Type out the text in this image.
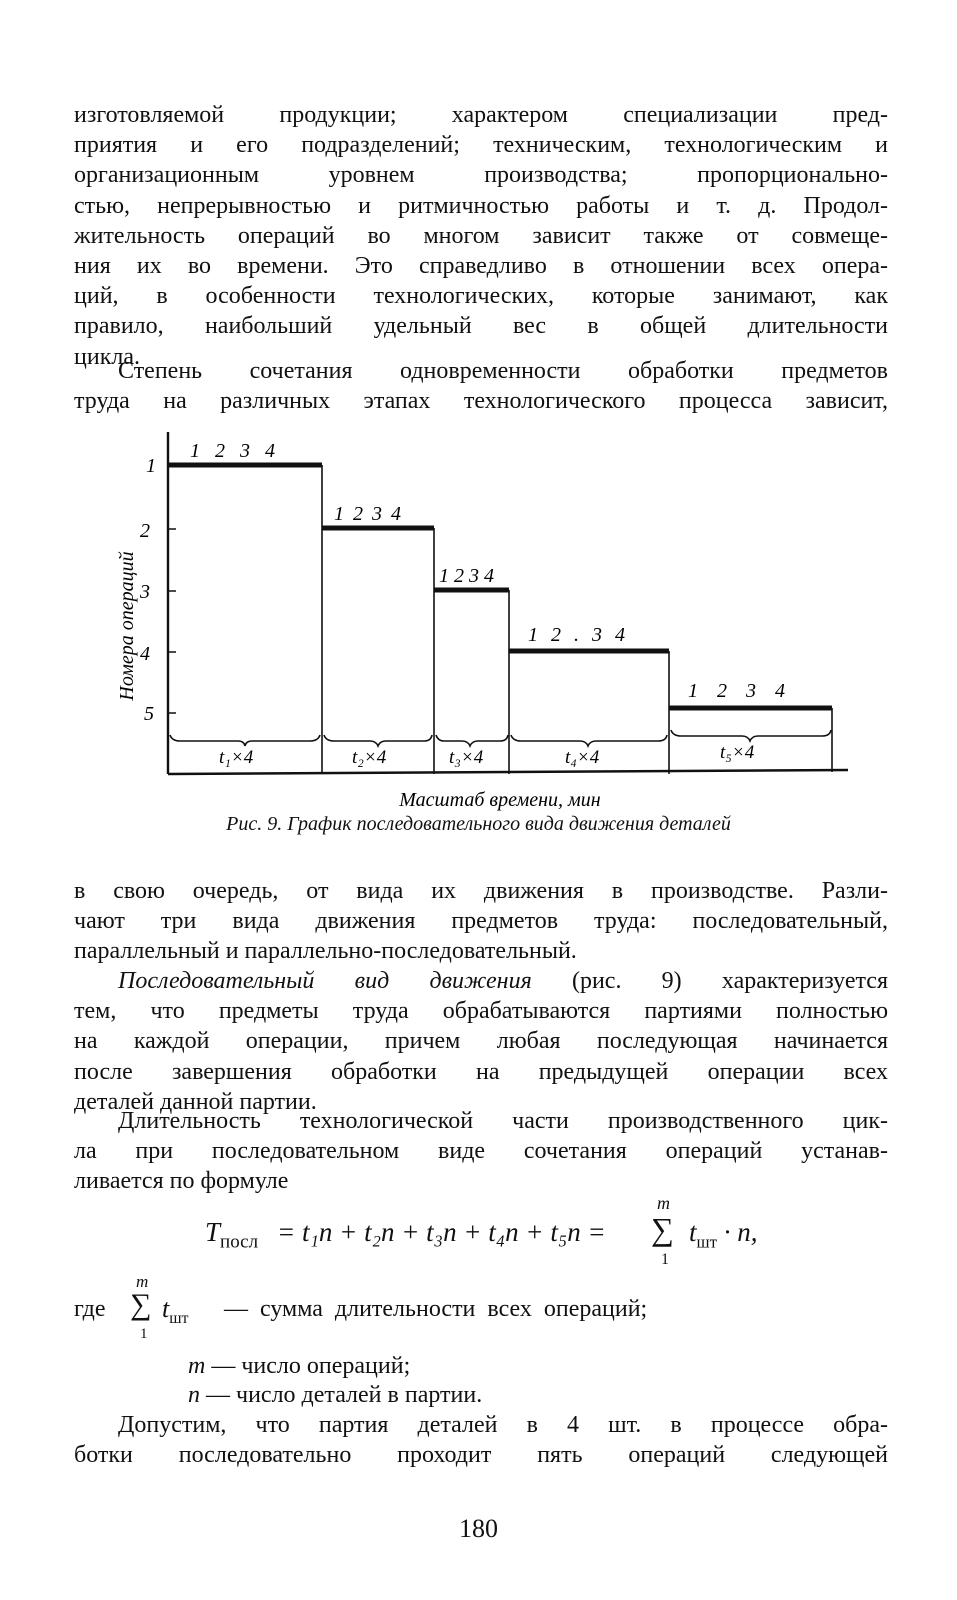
изготовляемой продукции; характером специализации пред-
приятия и его подразделений; техническим, технологическим и
организационным уровнем производства; пропорционально-
стью, непрерывностью и ритмичностью работы и т. д. Продол-
жительность операций во многом зависит также от совмеще-
ния их во времени. Это справедливо в отношении всех опера-
ций, в особенности технологических, которые занимают, как
правило, наибольший удельный вес в общей длительности
цикла.
Степень сочетания одновременности обработки предметов
труда на различных этапах технологического процесса зависит,
Номера операций
1
2
3
4
5
1 2 3 4
1 2 3 4
1 2 3 4
1 2 . 3 4
1 2 3 4
t₁×4	t₂×4	t₃×4	t₄×4	t₅×4
Масштаб времени, мин

Рис. 9. График последовательного вида движения деталей

в свою очередь, от вида их движения в производстве. Разли-
чают три вида движения предметов труда: последовательный,
параллельный и параллельно-последовательный.
Последовательный вид движения (рис. 9) характеризуется
тем, что предметы труда обрабатываются партиями полностью
на каждой операции, причем любая последующая начинается
после завершения обработки на предыдущей операции всех
деталей данной партии.
Длительность технологической части производственного цик-
ла при последовательном виде сочетания операций устанав-
ливается по формуле
$T_{посл} = t_1n + t_2n + t_3n + t_4n + t_5n$ =
m
∑
1
$t_{шт} \cdot n$,
где
m
∑
1
$t_{шт}$ — сумма длительности всех операций;
m — число операций;
n — число деталей в партии.
Допустим, что партия деталей в 4 шт. в процессе обра-
ботки последовательно проходит пять операций следующей
180
